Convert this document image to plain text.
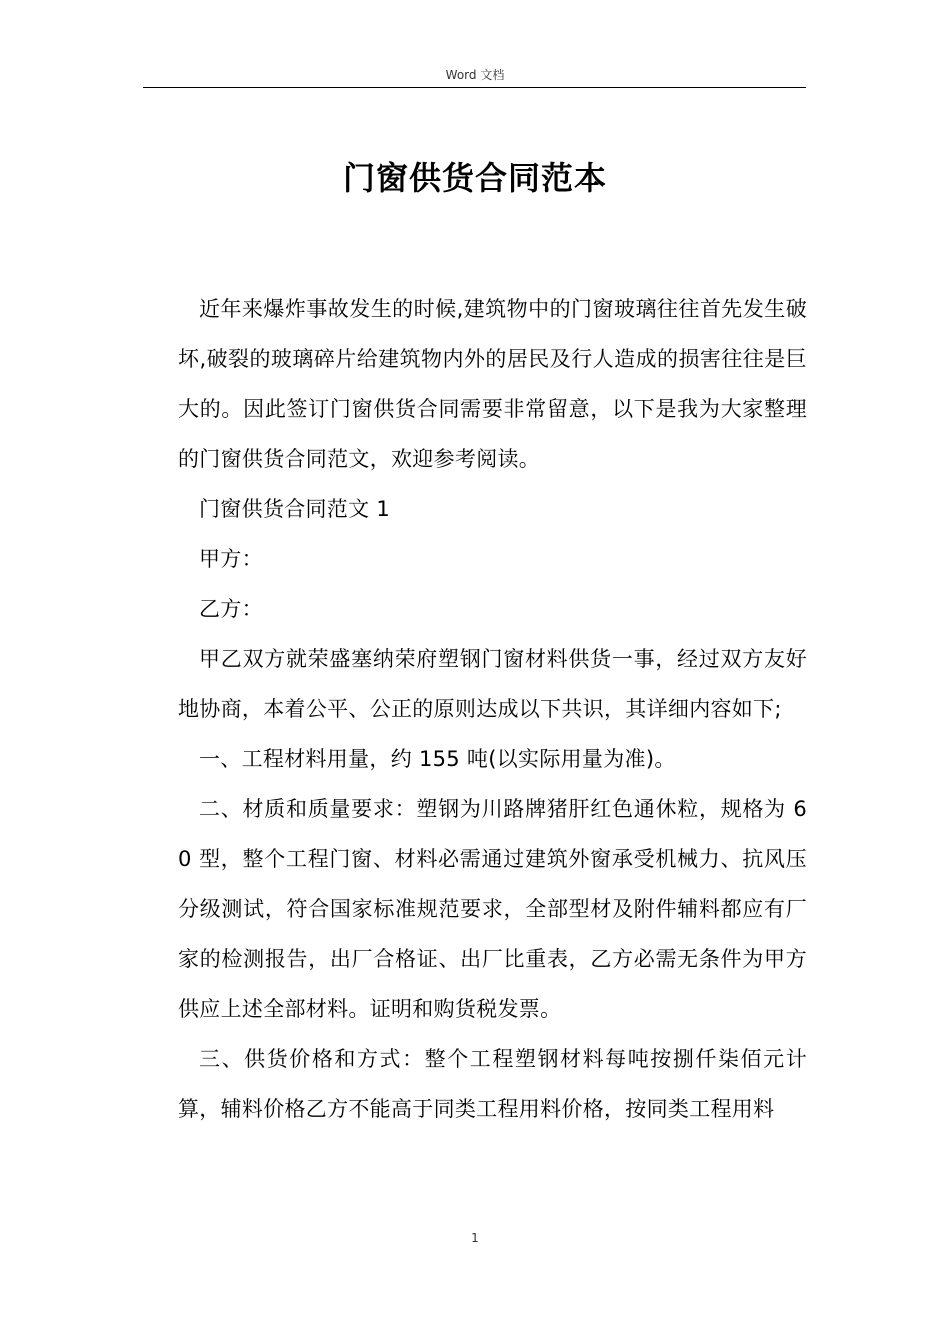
Word 文档
门窗供货合同范本

近年来爆炸事故发生的时候,建筑物中的门窗玻璃往往首先发生破坏,破裂的玻璃碎片给建筑物内外的居民及行人造成的损害往往是巨大的。因此签订门窗供货合同需要非常留意，以下是我为大家整理的门窗供货合同范文，欢迎参考阅读。

门窗供货合同范文 1

甲方：

乙方：

甲乙双方就荣盛塞纳荣府塑钢门窗材料供货一事，经过双方友好地协商，本着公平、公正的原则达成以下共识，其详细内容如下;

一、工程材料用量，约 155 吨(以实际用量为准)。

二、材质和质量要求：塑钢为川路牌猪肝红色通休粒，规格为 60 型，整个工程门窗、材料必需通过建筑外窗承受机械力、抗风压分级测试，符合国家标准规范要求，全部型材及附件辅料都应有厂家的检测报告，出厂合格证、出厂比重表，乙方必需无条件为甲方供应上述全部材料。证明和购货税发票。

三、供货价格和方式：整个工程塑钢材料每吨按捌仟柒佰元计算，辅料价格乙方不能高于同类工程用料价格，按同类工程用料

1
